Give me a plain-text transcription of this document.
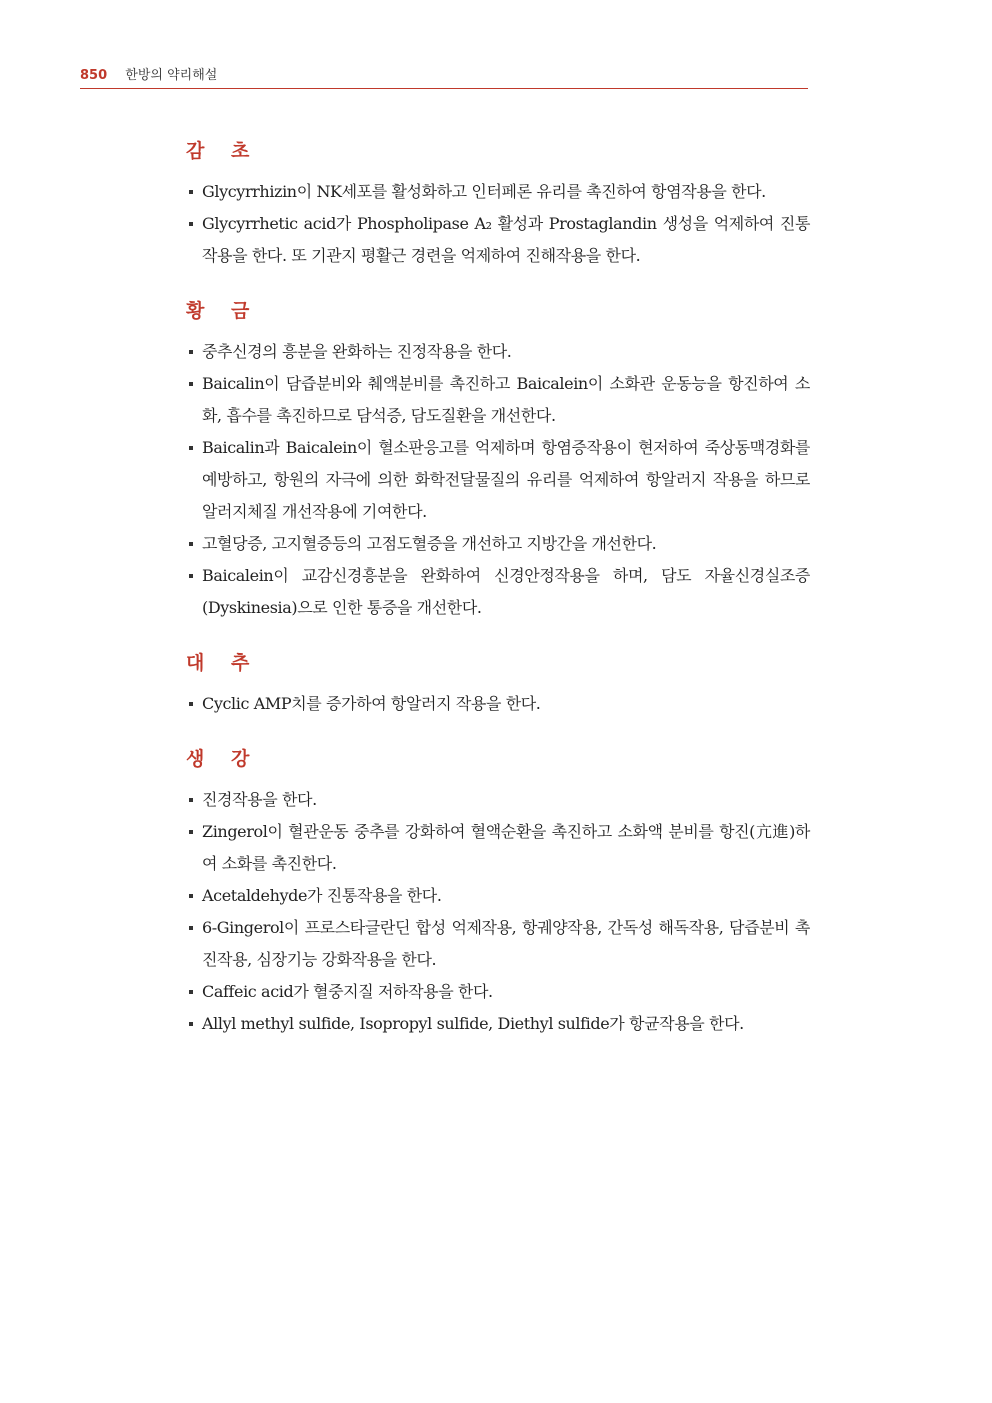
850 한방의 약리해설
감 초
Glycyrrhizin이 NK세포를 활성화하고 인터페론 유리를 촉진하여 항염작용을 한다.
Glycyrrhetic acid가 Phospholipase A₂ 활성과 Prostaglandin 생성을 억제하여 진통작용을 한다. 또 기관지 평활근 경련을 억제하여 진해작용을 한다.
황 금
중추신경의 흥분을 완화하는 진정작용을 한다.
Baicalin이 담즙분비와 췌액분비를 촉진하고 Baicalein이 소화관 운동능을 항진하여 소화, 흡수를 촉진하므로 담석증, 담도질환을 개선한다.
Baicalin과 Baicalein이 혈소판응고를 억제하며 항염증작용이 현저하여 죽상동맥경화를 예방하고, 항원의 자극에 의한 화학전달물질의 유리를 억제하여 항알러지 작용을 하므로 알러지체질 개선작용에 기여한다.
고혈당증, 고지혈증등의 고점도혈증을 개선하고 지방간을 개선한다.
Baicalein이 교감신경흥분을 완화하여 신경안정작용을 하며, 담도 자율신경실조증(Dyskinesia)으로 인한 통증을 개선한다.
대 추
Cyclic AMP치를 증가하여 항알러지 작용을 한다.
생 강
진경작용을 한다.
Zingerol이 혈관운동 중추를 강화하여 혈액순환을 촉진하고 소화액 분비를 항진(亢進)하여 소화를 촉진한다.
Acetaldehyde가 진통작용을 한다.
6-Gingerol이 프로스타글란딘 합성 억제작용, 항궤양작용, 간독성 해독작용, 담즙분비 촉진작용, 심장기능 강화작용을 한다.
Caffeic acid가 혈중지질 저하작용을 한다.
Allyl methyl sulfide, Isopropyl sulfide, Diethyl sulfide가 항균작용을 한다.
